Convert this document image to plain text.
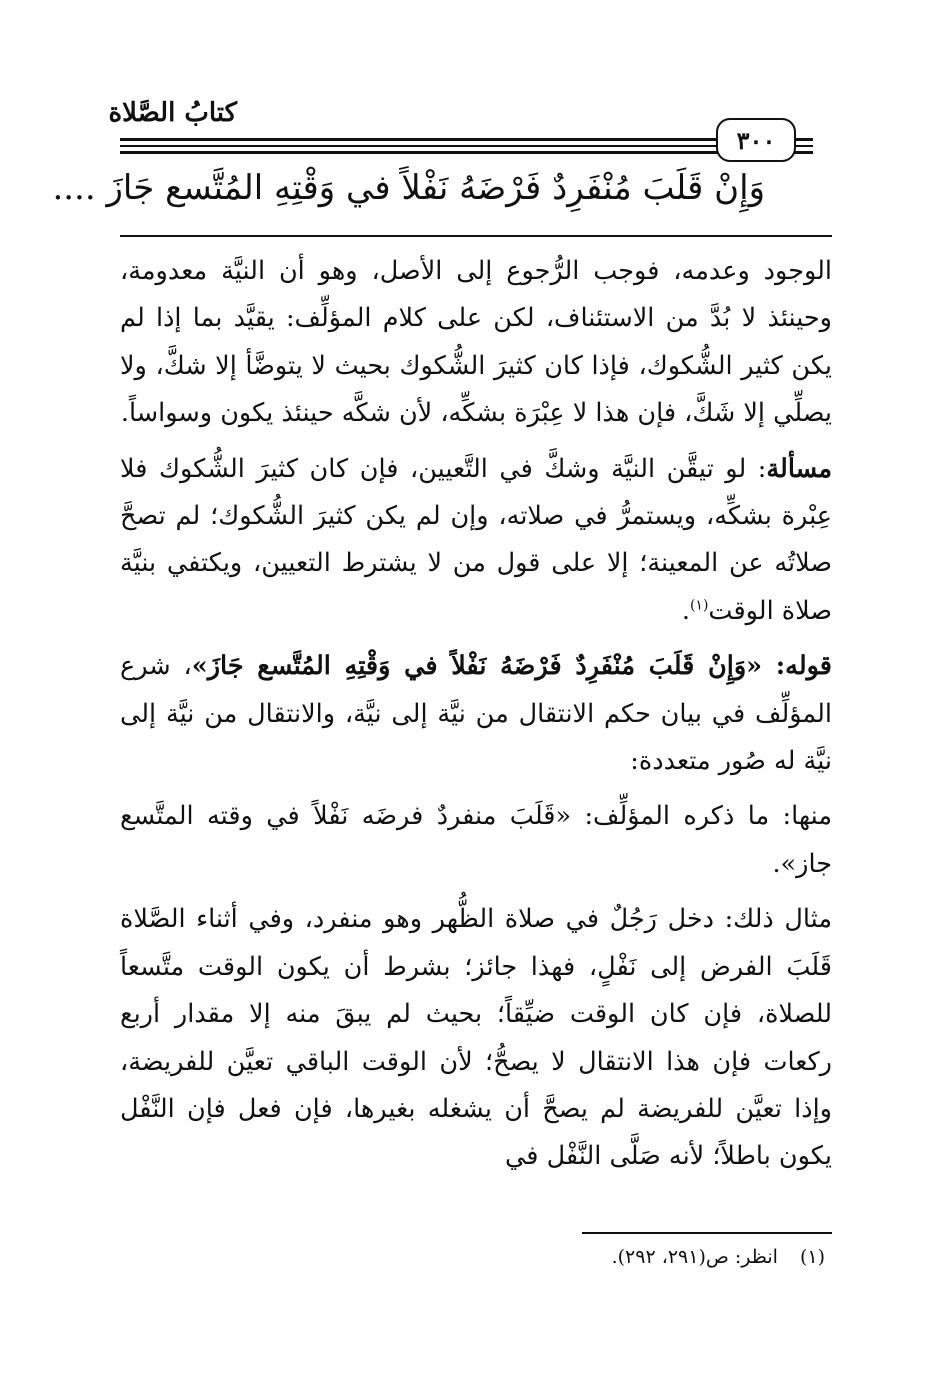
كتابُ الصَّلاة
٣٠٠
وَإِنْ قَلَبَ مُنْفَرِدٌ فَرْضَهُ نَفْلاً في وَقْتِهِ المُتَّسع جَازَ ....

الوجود وعدمه، فوجب الرُّجوع إلى الأصل، وهو أن النيَّة معدومة، وحينئذ لا بُدَّ من الاستئناف، لكن على كلام المؤلِّف: يقيَّد بما إذا لم يكن كثير الشُّكوك، فإذا كان كثيرَ الشُّكوك بحيث لا يتوضَّأ إلا شكَّ، ولا يصلِّي إلا شَكَّ، فإن هذا لا عِبْرَة بشكِّه، لأن شكَّه حينئذ يكون وسواساً.

مسألة: لو تيقَّن النيَّة وشكَّ في التَّعيين، فإن كان كثيرَ الشُّكوك فلا عِبْرة بشكِّه، ويستمرُّ في صلاته، وإن لم يكن كثيرَ الشُّكوك؛ لم تصحَّ صلاتُه عن المعينة؛ إلا على قول من لا يشترط التعيين، ويكتفي بنيَّة صلاة الوقت$^{(١)}$.

قوله: «وَإِنْ قَلَبَ مُنْفَرِدٌ فَرْضَهُ نَفْلاً في وَقْتِهِ المُتَّسع جَازَ»، شرع المؤلِّف في بيان حكم الانتقال من نيَّة إلى نيَّة، والانتقال من نيَّة إلى نيَّة له صُور متعددة:

منها: ما ذكره المؤلِّف: «قَلَبَ منفردٌ فرضَه نَفْلاً في وقته المتَّسع جاز».

مثال ذلك: دخل رَجُلٌ في صلاة الظُّهر وهو منفرد، وفي أثناء الصَّلاة قَلَبَ الفرض إلى نَفْلٍ، فهذا جائز؛ بشرط أن يكون الوقت متَّسعاً للصلاة، فإن كان الوقت ضيِّقاً؛ بحيث لم يبقَ منه إلا مقدار أربع ركعات فإن هذا الانتقال لا يصحُّ؛ لأن الوقت الباقي تعيَّن للفريضة، وإذا تعيَّن للفريضة لم يصحَّ أن يشغله بغيرها، فإن فعل فإن النَّفْل يكون باطلاً؛ لأنه صَلَّى النَّفْل في

(١)انظر: ص(٢٩١، ٢٩٢).
